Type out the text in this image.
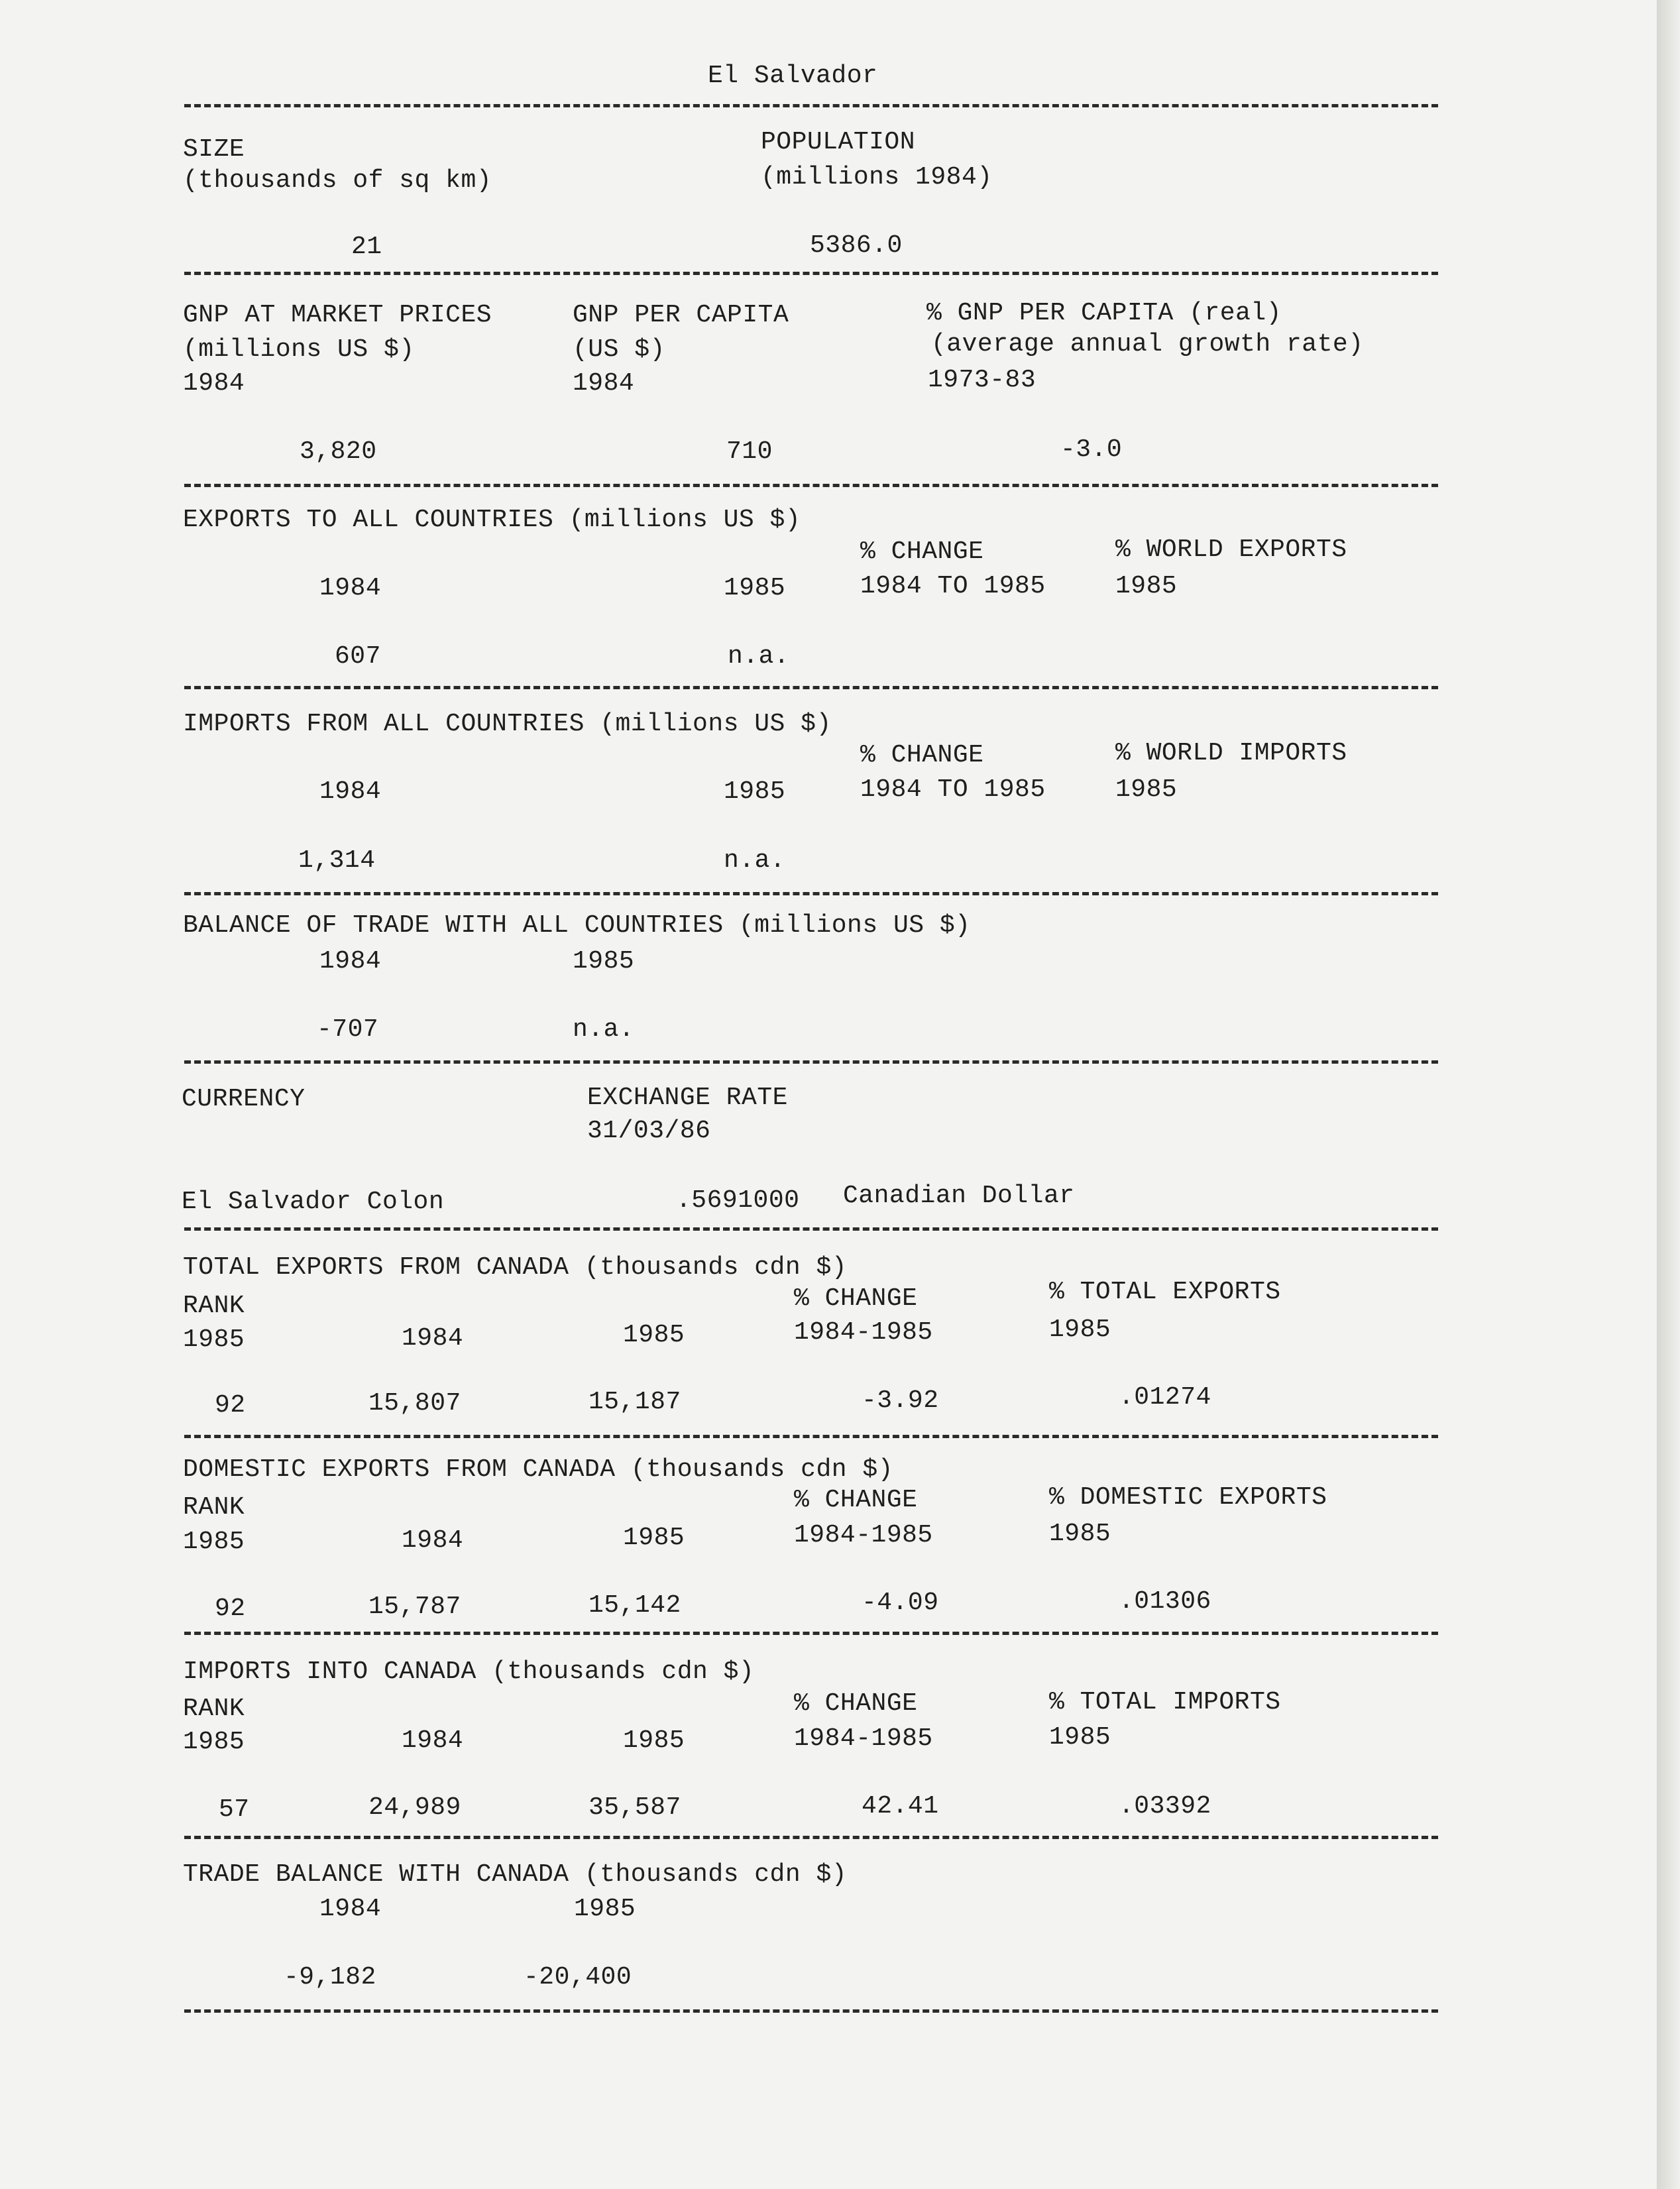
El Salvador
SIZE
(thousands of sq km)
POPULATION
(millions 1984)
21	5386.0
GNP AT MARKET PRICES
(millions US $)
1984
GNP PER CAPITA
(US $)
1984
% GNP PER CAPITA (real)
(average annual growth rate)
1973-83
3,820	710	-3.0
EXPORTS TO ALL COUNTRIES (millions US $)
% CHANGE	% WORLD EXPORTS
1984	1985	1984 TO 1985	1985
607	n.a.
IMPORTS FROM ALL COUNTRIES (millions US $)
% CHANGE	% WORLD IMPORTS
1984	1985	1984 TO 1985	1985
1,314	n.a.
BALANCE OF TRADE WITH ALL COUNTRIES (millions US $)
1984	1985
-707	n.a.
CURRENCY	EXCHANGE RATE
31/03/86
El Salvador Colon	.5691000 Canadian Dollar
TOTAL EXPORTS FROM CANADA (thousands cdn $)
RANK	% CHANGE	% TOTAL EXPORTS
1985	1984	1985	1984-1985	1985
92	15,807	15,187	-3.92	.01274
DOMESTIC EXPORTS FROM CANADA (thousands cdn $)
RANK	% CHANGE	% DOMESTIC EXPORTS
1985	1984	1985	1984-1985	1985
92	15,787	15,142	-4.09	.01306
IMPORTS INTO CANADA (thousands cdn $)
RANK	% CHANGE	% TOTAL IMPORTS
1985	1984	1985	1984-1985	1985
57	24,989	35,587	42.41	.03392
TRADE BALANCE WITH CANADA (thousands cdn $)
1984	1985
-9,182	-20,400
